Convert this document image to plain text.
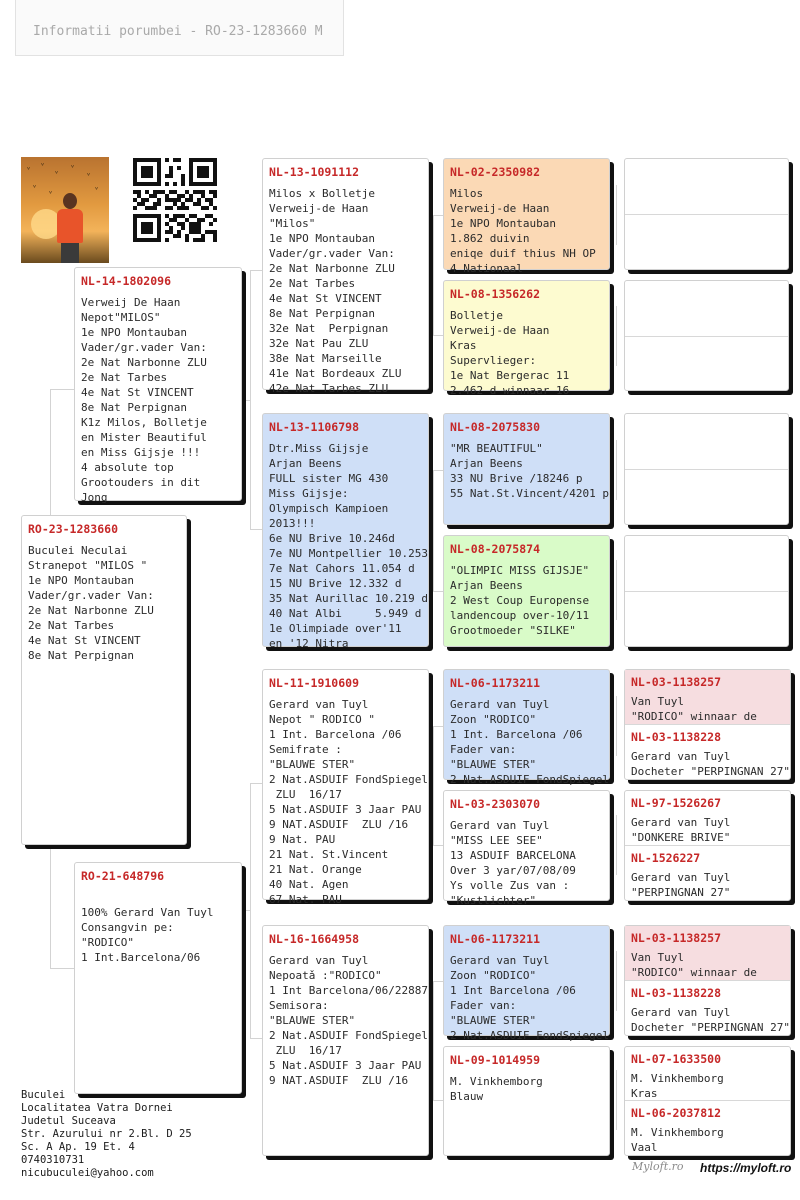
Informatii porumbei - RO-23-1283660 M
ᵛ ᵛ
ᵛ
ᵛ
ᵛ
ᵛ
ᵛ
ᵛ
RO-23-1283660
Buculei Neculai
Stranepot "MILOS "
1e NPO Montauban
Vader/gr.vader Van:
2e Nat Narbonne ZLU
2e Nat Tarbes
4e Nat St VINCENT
8e Nat Perpignan
NL-14-1802096
Verweij De Haan
Nepot"MILOS"
1e NPO Montauban
Vader/gr.vader Van:
2e Nat Narbonne ZLU
2e Nat Tarbes
4e Nat St VINCENT
8e Nat Perpignan
K1z Milos, Bolletje
en Mister Beautiful
en Miss Gijsje !!!
4 absolute top
Grootouders in dit
Jong
RO-21-648796

100% Gerard Van Tuyl
Consangvin pe:
"RODICO"
1 Int.Barcelona/06
NL-13-1091112
Milos x Bolletje
Verweij-de Haan
"Milos"
1e NPO Montauban
Vader/gr.vader Van:
2e Nat Narbonne ZLU
2e Nat Tarbes
4e Nat St VINCENT
8e Nat Perpignan
32e Nat  Perpignan
32e Nat Pau ZLU
38e Nat Marseille
41e Nat Bordeaux ZLU
42e Nat Tarbes ZLU
NL-13-1106798
Dtr.Miss Gijsje
Arjan Beens
FULL sister MG 430
Miss Gijsje:
Olympisch Kampioen
2013!!!
6e NU Brive 10.246d
7e NU Montpellier 10.253
7e Nat Cahors 11.054 d
15 NU Brive 12.332 d
35 Nat Aurillac 10.219 d
40 Nat Albi     5.949 d
1e Olimpiade over'11
en '12 Nitra
NL-11-1910609
Gerard van Tuyl
Nepot " RODICO "
1 Int. Barcelona /06
Semifrate :
"BLAUWE STER"
2 Nat.ASDUIF FondSpiegel
ZLU  16/17
5 Nat.ASDUIF 3 Jaar PAU
9 NAT.ASDUIF  ZLU /16
9 Nat. PAU
21 Nat. St.Vincent
21 Nat. Orange
40 Nat. Agen
67 Nat. PAU
NL-16-1664958
Gerard van Tuyl
Nepoatǎ :"RODICO"
1 Int Barcelona/06/22887
Semisora:
"BLAUWE STER"
2 Nat.ASDUIF FondSpiegel
ZLU  16/17
5 Nat.ASDUIF 3 Jaar PAU
9 NAT.ASDUIF  ZLU /16
NL-02-2350982
Milos
Verweij-de Haan
1e NPO Montauban
1.862 duivin
eniqe duif thius NH OP
4 Nationaal
NL-08-1356262
Bolletje
Verweij-de Haan
Kras
Supervlieger:
1e Nat Bergerac 11
2.462 d winnaar 16
NL-08-2075830
"MR BEAUTIFUL"
Arjan Beens
33 NU Brive /18246 p
55 Nat.St.Vincent/4201 p
NL-08-2075874
"OLIMPIC MISS GIJSJE"
Arjan Beens
2 West Coup Europense
landencoup over-10/11
Grootmoeder "SILKE"
NL-06-1173211
Gerard van Tuyl
Zoon "RODICO"
1 Int. Barcelona /06
Fader van:
"BLAUWE STER"
2 Nat.ASDUIF FondSpiegel
NL-03-2303070
Gerard van Tuyl
"MISS LEE SEE"
13 ASDUIF BARCELONA
Over 3 yar/07/08/09
Ys volle Zus van :
"Kustlichter"
NL-06-1173211
Gerard van Tuyl
Zoon "RODICO"
1 Int Barcelona /06
Fader van:
"BLAUWE STER"
2 Nat.ASDUIF FondSpiegel
NL-09-1014959
M. Vinkhemborg
Blauw
NL-03-1138257
Van Tuyl
"RODICO" winnaar de
NL-03-1138228
Gerard van Tuyl
Docheter "PERPINGNAN 27"
NL-97-1526267
Gerard van Tuyl
"DONKERE BRIVE"
NL-1526227
Gerard van Tuyl
"PERPINGNAN 27"
NL-03-1138257
Van Tuyl
"RODICO" winnaar de
NL-03-1138228
Gerard van Tuyl
Docheter "PERPINGNAN 27"
NL-07-1633500
M. Vinkhemborg
Kras
NL-06-2037812
M. Vinkhemborg
Vaal
Buculei
Localitatea Vatra Dornei
Judetul Suceava
Str. Azurului nr 2.Bl. D 25
Sc. A Ap. 19 Et. 4
0740310731
nicubuculei@yahoo.com	Myloft.ro https://myloft.ro
